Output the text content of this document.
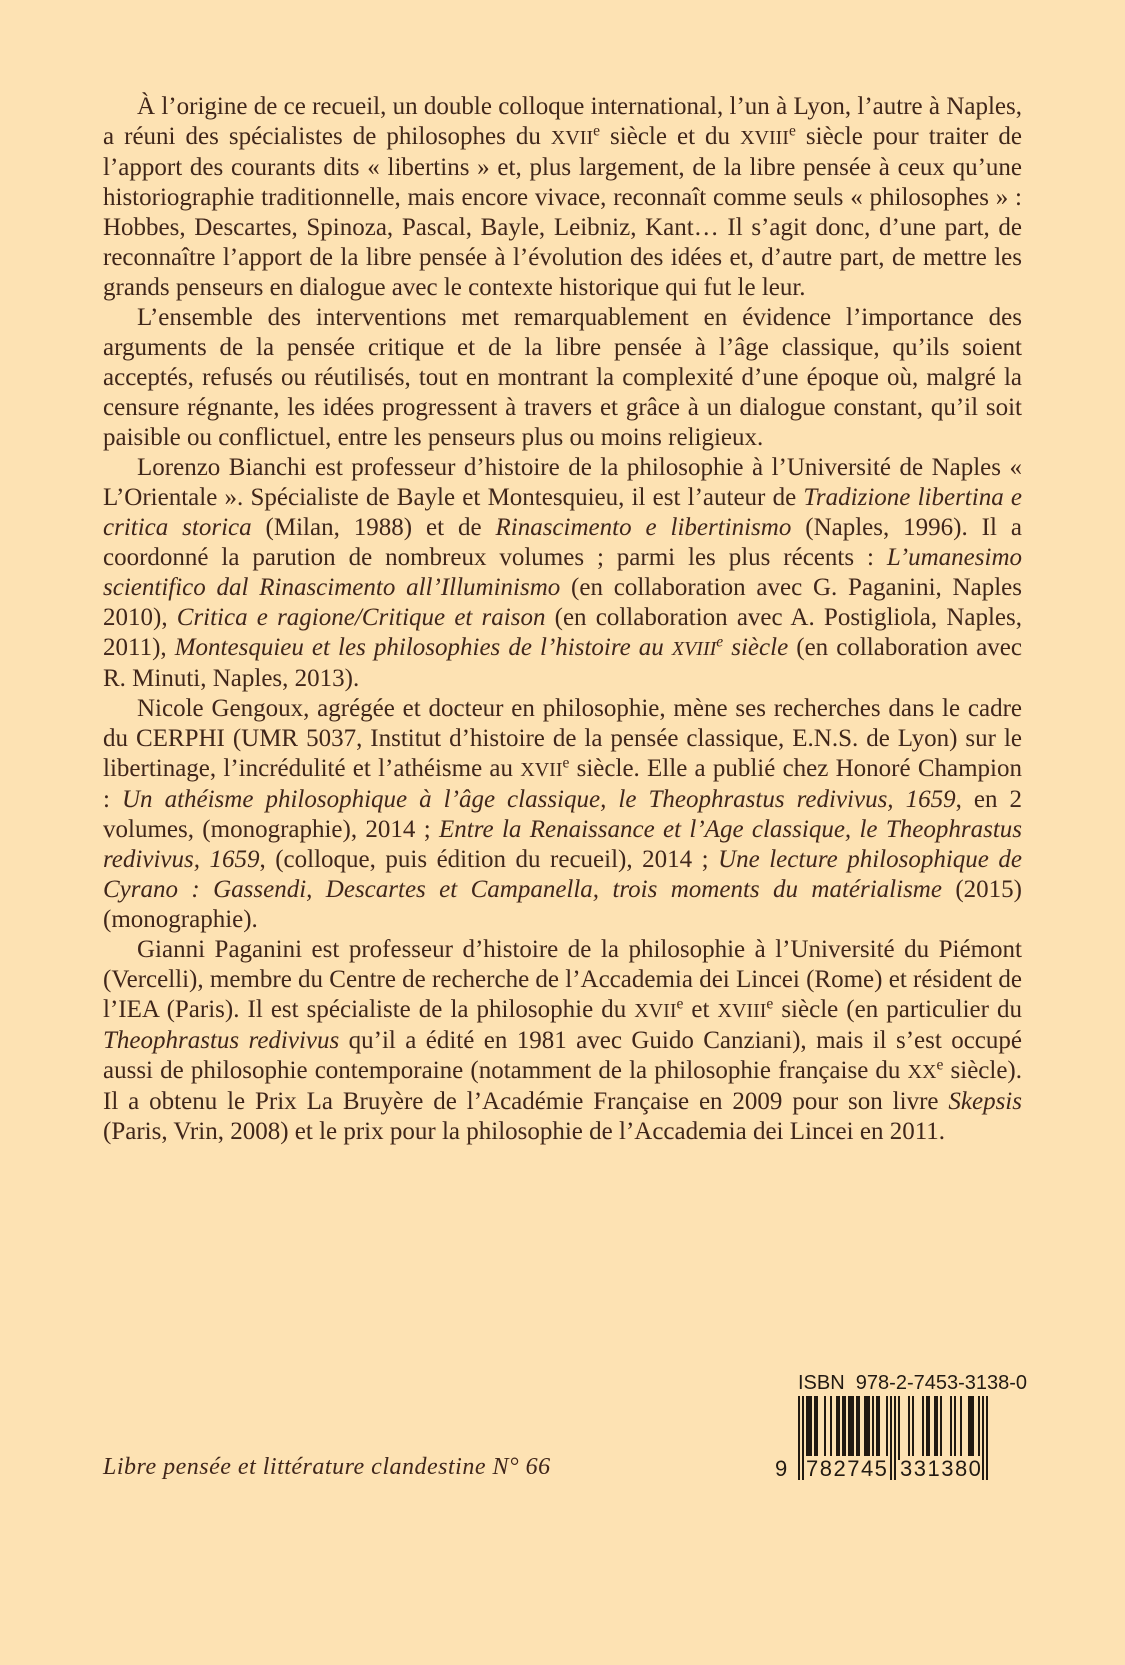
À l’origine de ce recueil, un double colloque international, l’un à Lyon, l’autre à Naples, a réuni des spécialistes de philosophes du XVIIe siècle et du XVIIIe siècle pour traiter de l’apport des courants dits « libertins » et, plus largement, de la libre pensée à ceux qu’une historiographie traditionnelle, mais encore vivace, reconnaît comme seuls « philosophes » : Hobbes, Descartes, Spinoza, Pascal, Bayle, Leibniz, Kant… Il s’agit donc, d’une part, de reconnaître l’apport de la libre pensée à l’évolution des idées et, d’autre part, de mettre les grands penseurs en dialogue avec le contexte historique qui fut le leur.

L’ensemble des interventions met remarquablement en évidence l’importance des arguments de la pensée critique et de la libre pensée à l’âge classique, qu’ils soient acceptés, refusés ou réutilisés, tout en montrant la complexité d’une époque où, malgré la censure régnante, les idées progressent à travers et grâce à un dialogue constant, qu’il soit paisible ou conflictuel, entre les penseurs plus ou moins religieux.

Lorenzo Bianchi est professeur d’histoire de la philosophie à l’Université de Naples « L’Orientale ». Spécialiste de Bayle et Montesquieu, il est l’auteur de Tradizione libertina e critica storica (Milan, 1988) et de Rinascimento e libertinismo (Naples, 1996). Il a coordonné la parution de nombreux volumes ; parmi les plus récents : L’umanesimo scientifico dal Rinascimento all’Illuminismo (en collaboration avec G. Paganini, Naples 2010), Critica e ragione/Critique et raison (en collaboration avec A. Postigliola, Naples, 2011), Montesquieu et les philosophies de l’histoire au XVIIIe siècle (en collaboration avec R. Minuti, Naples, 2013).

Nicole Gengoux, agrégée et docteur en philosophie, mène ses recherches dans le cadre du CERPHI (UMR 5037, Institut d’histoire de la pensée classique, E.N.S. de Lyon) sur le libertinage, l’incrédulité et l’athéisme au XVIIe siècle. Elle a publié chez Honoré Champion : Un athéisme philosophique à l’âge classique, le Theophrastus redivivus, 1659, en 2 volumes, (monographie), 2014 ; Entre la Renaissance et l’Age classique, le Theophrastus redivivus, 1659, (colloque, puis édition du recueil), 2014 ; Une lecture philosophique de Cyrano : Gassendi, Descartes et Campanella, trois moments du matérialisme (2015) (monographie).

Gianni Paganini est professeur d’histoire de la philosophie à l’Université du Piémont (Vercelli), membre du Centre de recherche de l’Accademia dei Lincei (Rome) et résident de l’IEA (Paris). Il est spécialiste de la philosophie du XVIIe et XVIIIe siècle (en particulier du Theophrastus redivivus qu’il a édité en 1981 avec Guido Canziani), mais il s’est occupé aussi de philosophie contemporaine (notamment de la philosophie française du XXe siècle). Il a obtenu le Prix La Bruyère de l’Académie Française en 2009 pour son livre Skepsis (Paris, Vrin, 2008) et le prix pour la philosophie de l’Accademia dei Lincei en 2011.

Libre pensée et littérature clandestine N° 66
ISBN  978-2-7453-3138-0
9 782745 331380
